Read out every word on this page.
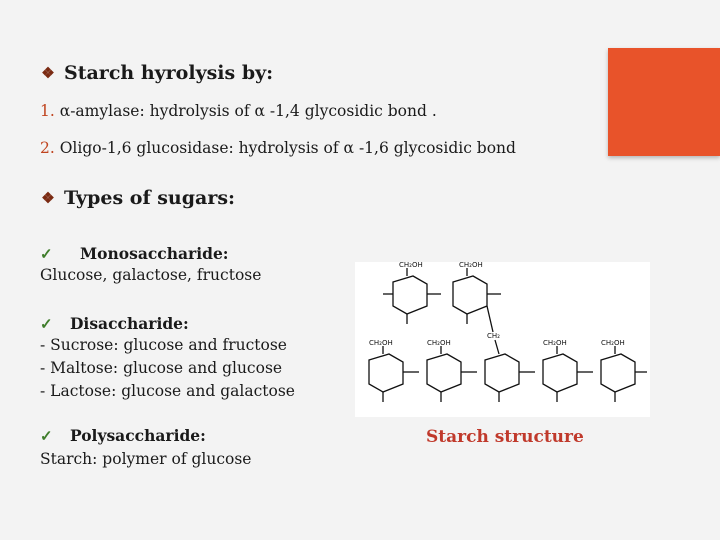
❖ Starch hyrolysis by:
1. α-amylase: hydrolysis of α -1,4 glycosidic bond .
2. Oligo-1,6 glucosidase: hydrolysis of α -1,6 glycosidic bond
❖ Types of sugars:
✓ Monosaccharide:
Glucose, galactose, fructose
✓ Disaccharide:
- Sucrose: glucose and fructose
- Maltose: glucose and glucose
- Lactose: glucose and galactose
✓ Polysaccharide:
Starch: polymer of glucose
CH₂OH	CH₂OH
CH₂OH	CH₂OH
CH₂
CH₂OH	CH₂OH
Starch structure
